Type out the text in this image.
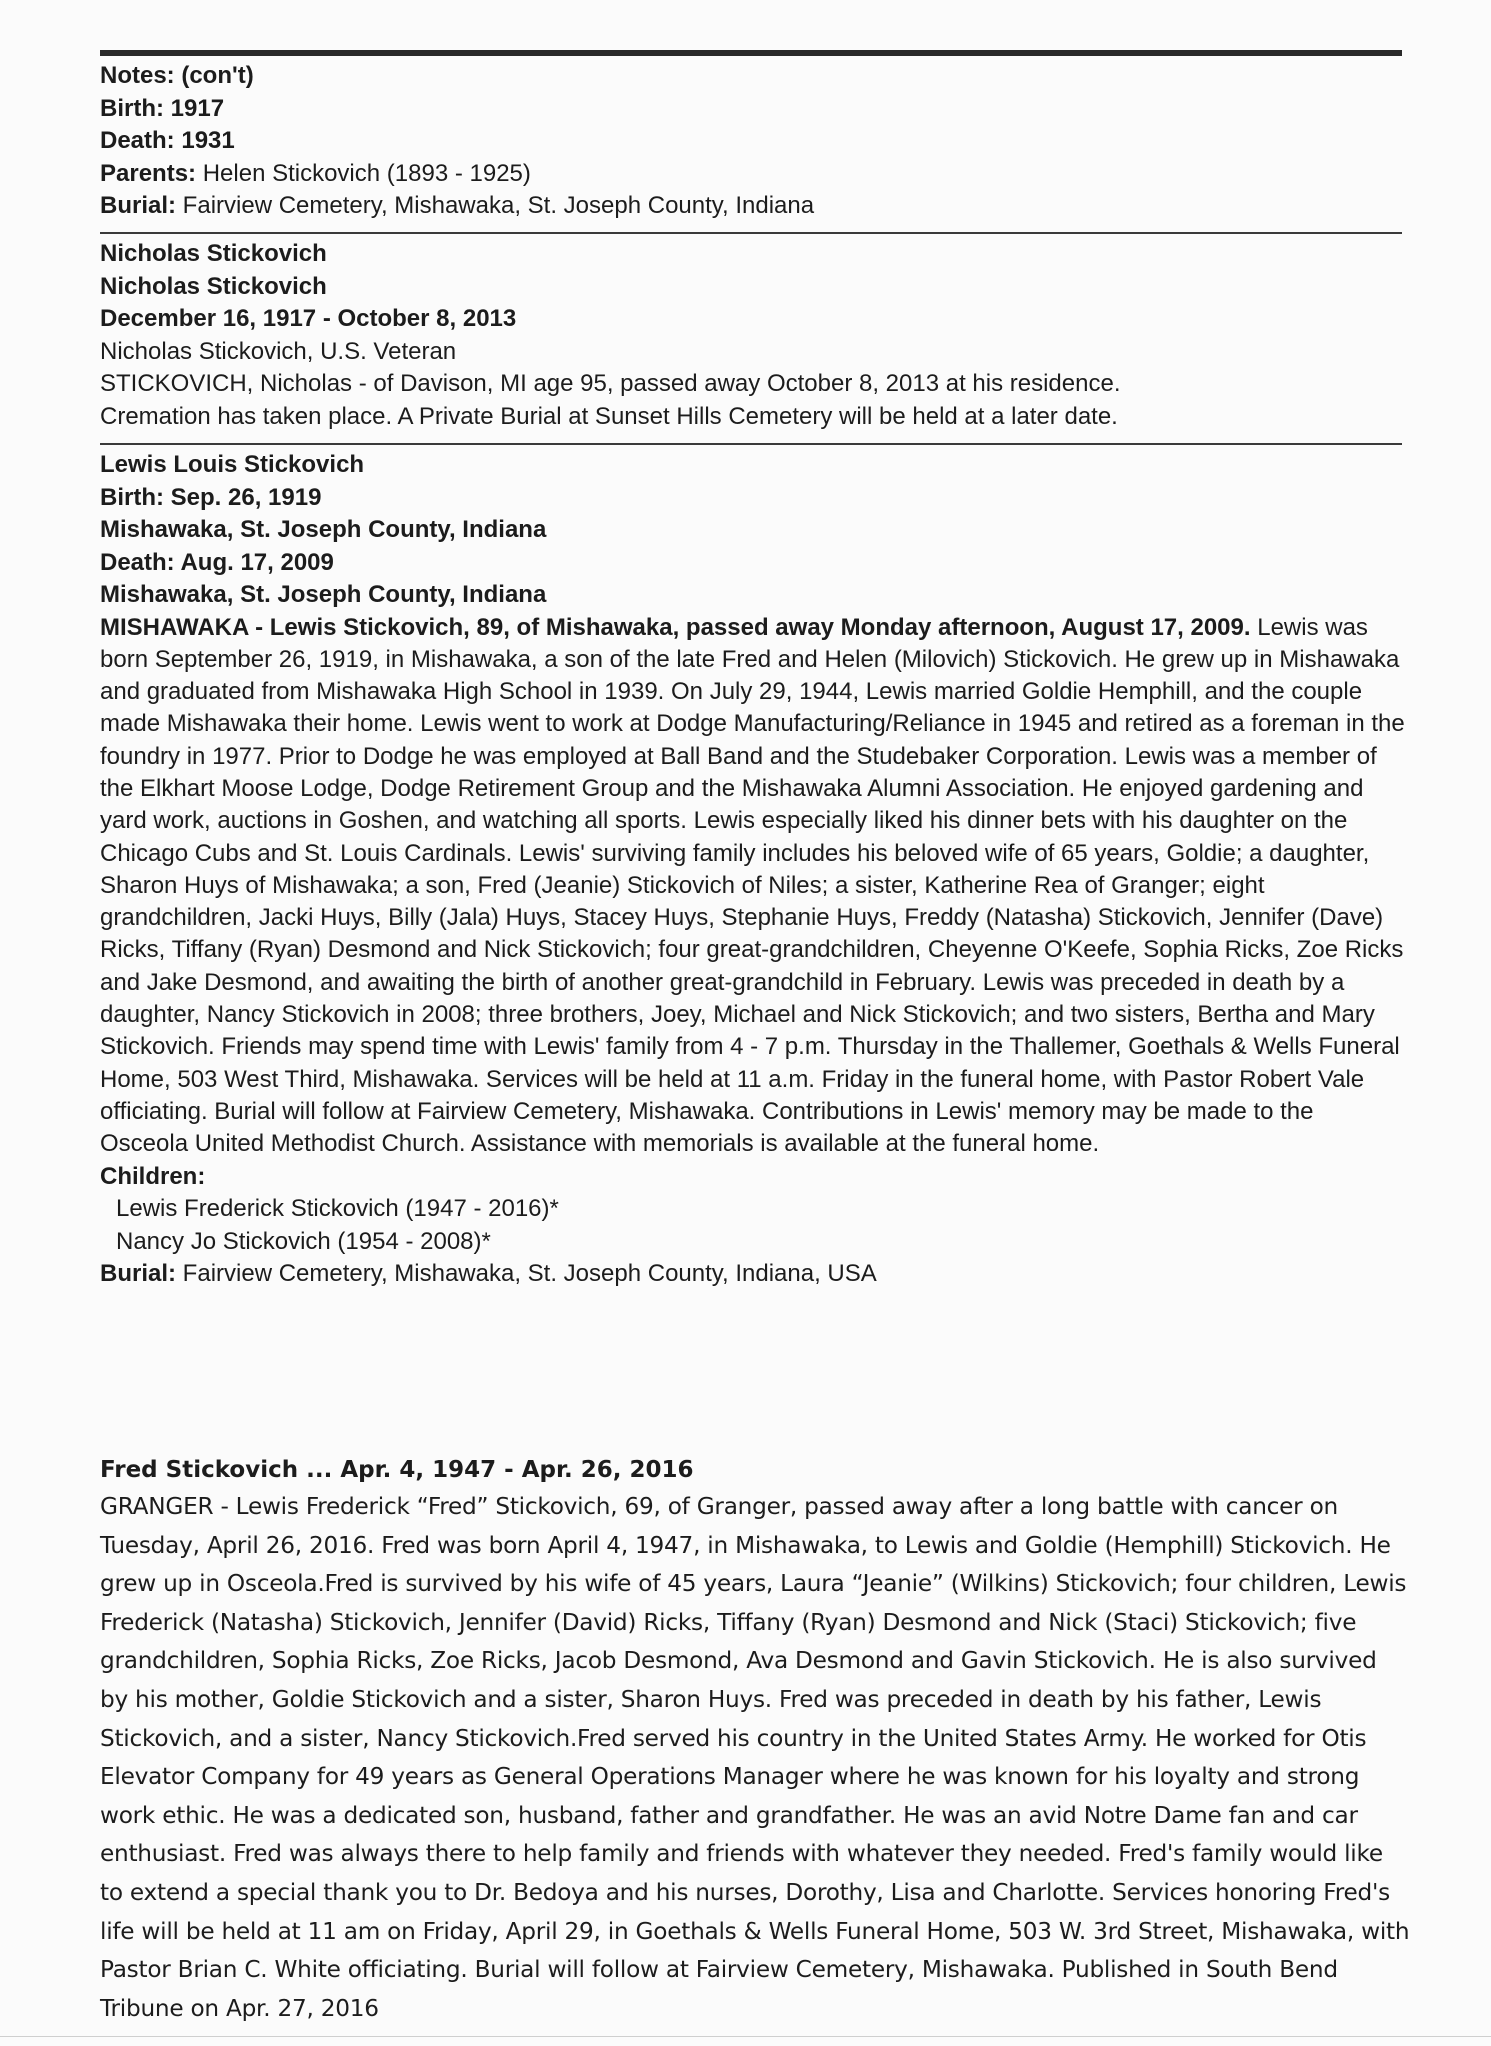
Notes: (con't)
Birth: 1917
Death: 1931
Parents: Helen Stickovich (1893 - 1925)
Burial: Fairview Cemetery, Mishawaka, St. Joseph County, Indiana
Nicholas Stickovich
Nicholas Stickovich
December 16, 1917 - October 8, 2013
Nicholas Stickovich, U.S. Veteran
STICKOVICH, Nicholas - of Davison, MI age 95, passed away October 8, 2013 at his residence.
Cremation has taken place. A Private Burial at Sunset Hills Cemetery will be held at a later date.
Lewis Louis Stickovich
Birth: Sep. 26, 1919
Mishawaka, St. Joseph County, Indiana
Death: Aug. 17, 2009
Mishawaka, St. Joseph County, Indiana
MISHAWAKA - Lewis Stickovich, 89, of Mishawaka, passed away Monday afternoon, August 17, 2009. Lewis was born September 26, 1919, in Mishawaka, a son of the late Fred and Helen (Milovich) Stickovich. He grew up in Mishawaka and graduated from Mishawaka High School in 1939. On July 29, 1944, Lewis married Goldie Hemphill, and the couple made Mishawaka their home. Lewis went to work at Dodge Manufacturing/Reliance in 1945 and retired as a foreman in the foundry in 1977. Prior to Dodge he was employed at Ball Band and the Studebaker Corporation. Lewis was a member of the Elkhart Moose Lodge, Dodge Retirement Group and the Mishawaka Alumni Association. He enjoyed gardening and yard work, auctions in Goshen, and watching all sports. Lewis especially liked his dinner bets with his daughter on the Chicago Cubs and St. Louis Cardinals. Lewis' surviving family includes his beloved wife of 65 years, Goldie; a daughter, Sharon Huys of Mishawaka; a son, Fred (Jeanie) Stickovich of Niles; a sister, Katherine Rea of Granger; eight grandchildren, Jacki Huys, Billy (Jala) Huys, Stacey Huys, Stephanie Huys, Freddy (Natasha) Stickovich, Jennifer (Dave) Ricks, Tiffany (Ryan) Desmond and Nick Stickovich; four great-grandchildren, Cheyenne O'Keefe, Sophia Ricks, Zoe Ricks and Jake Desmond, and awaiting the birth of another great-grandchild in February. Lewis was preceded in death by a daughter, Nancy Stickovich in 2008; three brothers, Joey, Michael and Nick Stickovich; and two sisters, Bertha and Mary Stickovich. Friends may spend time with Lewis' family from 4 - 7 p.m. Thursday in the Thallemer, Goethals & Wells Funeral Home, 503 West Third, Mishawaka. Services will be held at 11 a.m. Friday in the funeral home, with Pastor Robert Vale officiating. Burial will follow at Fairview Cemetery, Mishawaka. Contributions in Lewis' memory may be made to the Osceola United Methodist Church. Assistance with memorials is available at the funeral home.
Children:
Lewis Frederick Stickovich (1947 - 2016)*
Nancy Jo Stickovich (1954 - 2008)*
Burial: Fairview Cemetery, Mishawaka, St. Joseph County, Indiana, USA
Fred Stickovich ... Apr. 4, 1947 - Apr. 26, 2016
GRANGER - Lewis Frederick “Fred” Stickovich, 69, of Granger, passed away after a long battle with cancer on Tuesday, April 26, 2016. Fred was born April 4, 1947, in Mishawaka, to Lewis and Goldie (Hemphill) Stickovich. He grew up in Osceola.Fred is survived by his wife of 45 years, Laura “Jeanie” (Wilkins) Stickovich; four children, Lewis Frederick (Natasha) Stickovich, Jennifer (David) Ricks, Tiffany (Ryan) Desmond and Nick (Staci) Stickovich; five grandchildren, Sophia Ricks, Zoe Ricks, Jacob Desmond, Ava Desmond and Gavin Stickovich. He is also survived by his mother, Goldie Stickovich and a sister, Sharon Huys. Fred was preceded in death by his father, Lewis Stickovich, and a sister, Nancy Stickovich.Fred served his country in the United States Army. He worked for Otis Elevator Company for 49 years as General Operations Manager where he was known for his loyalty and strong work ethic. He was a dedicated son, husband, father and grandfather. He was an avid Notre Dame fan and car enthusiast. Fred was always there to help family and friends with whatever they needed. Fred's family would like to extend a special thank you to Dr. Bedoya and his nurses, Dorothy, Lisa and Charlotte. Services honoring Fred's life will be held at 11 am on Friday, April 29, in Goethals & Wells Funeral Home, 503 W. 3rd Street, Mishawaka, with Pastor Brian C. White officiating. Burial will follow at Fairview Cemetery, Mishawaka. Published in South Bend Tribune on Apr. 27, 2016
